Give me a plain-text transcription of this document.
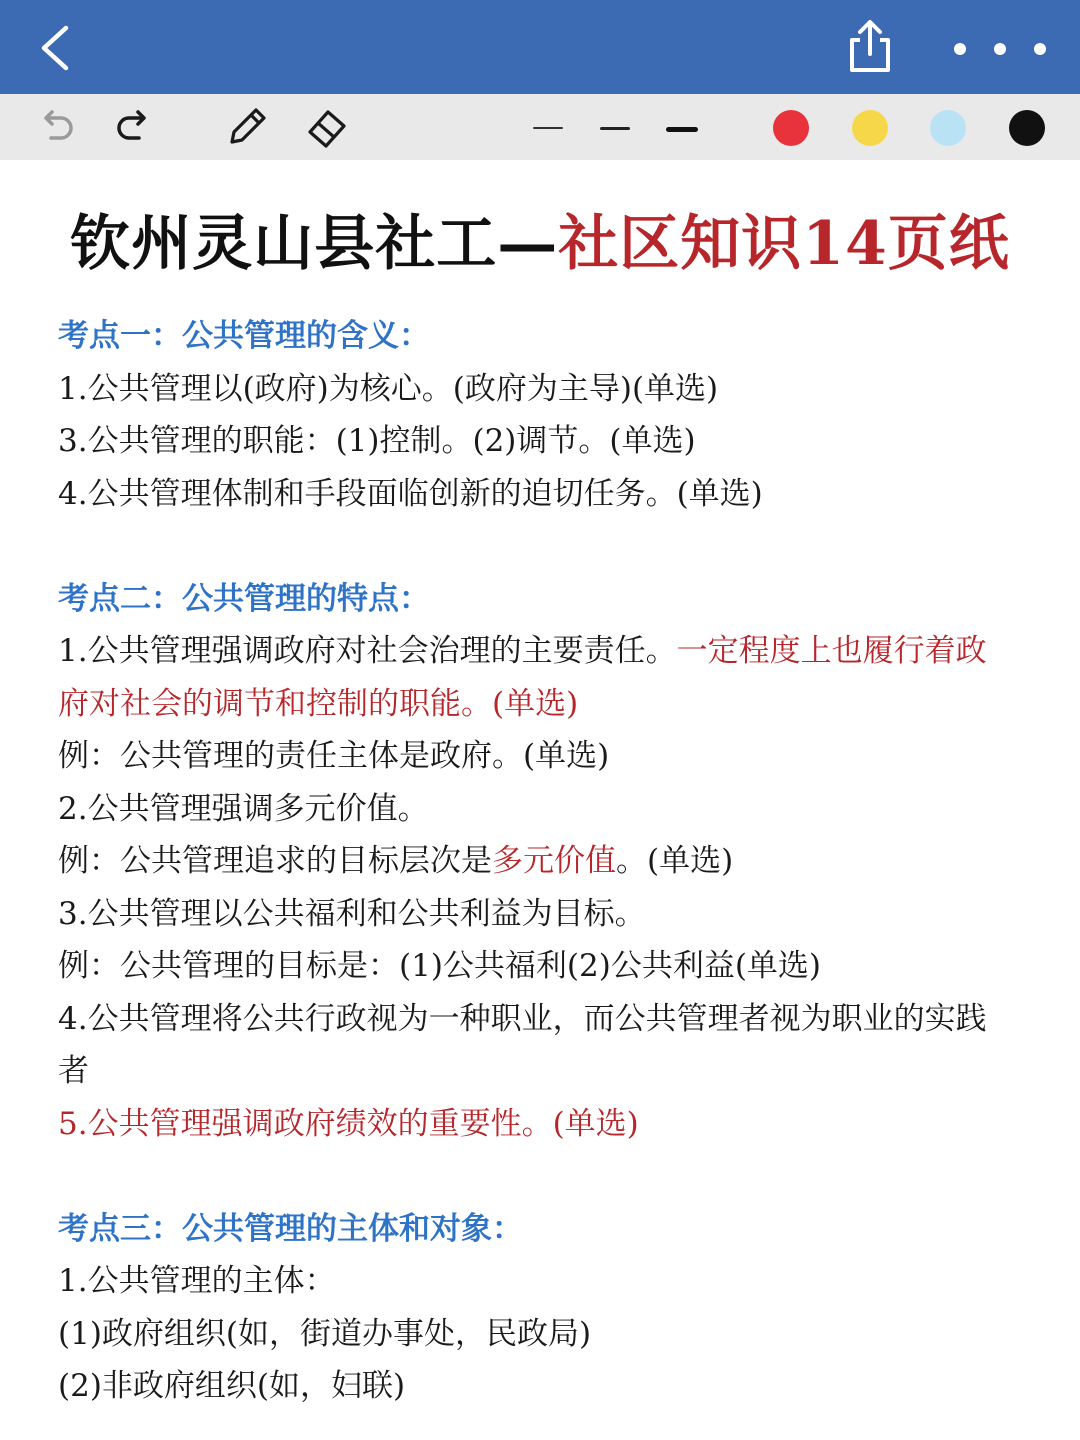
钦州灵山县社工—社区知识14页纸
考点一：公共管理的含义：
1.公共管理以(政府)为核心。(政府为主导)(单选)
3.公共管理的职能：(1)控制。(2)调节。(单选)
4.公共管理体制和手段面临创新的迫切任务。(单选)
考点二：公共管理的特点：
1.公共管理强调政府对社会治理的主要责任。一定程度上也履行着政
府对社会的调节和控制的职能。(单选)
例：公共管理的责任主体是政府。(单选)
2.公共管理强调多元价值。
例：公共管理追求的目标层次是多元价值。(单选)
3.公共管理以公共福利和公共利益为目标。
例：公共管理的目标是：(1)公共福利(2)公共利益(单选)
4.公共管理将公共行政视为一种职业，而公共管理者视为职业的实践
者
5.公共管理强调政府绩效的重要性。(单选)
考点三：公共管理的主体和对象：
1.公共管理的主体：
(1)政府组织(如，街道办事处，民政局)
(2)非政府组织(如，妇联)
